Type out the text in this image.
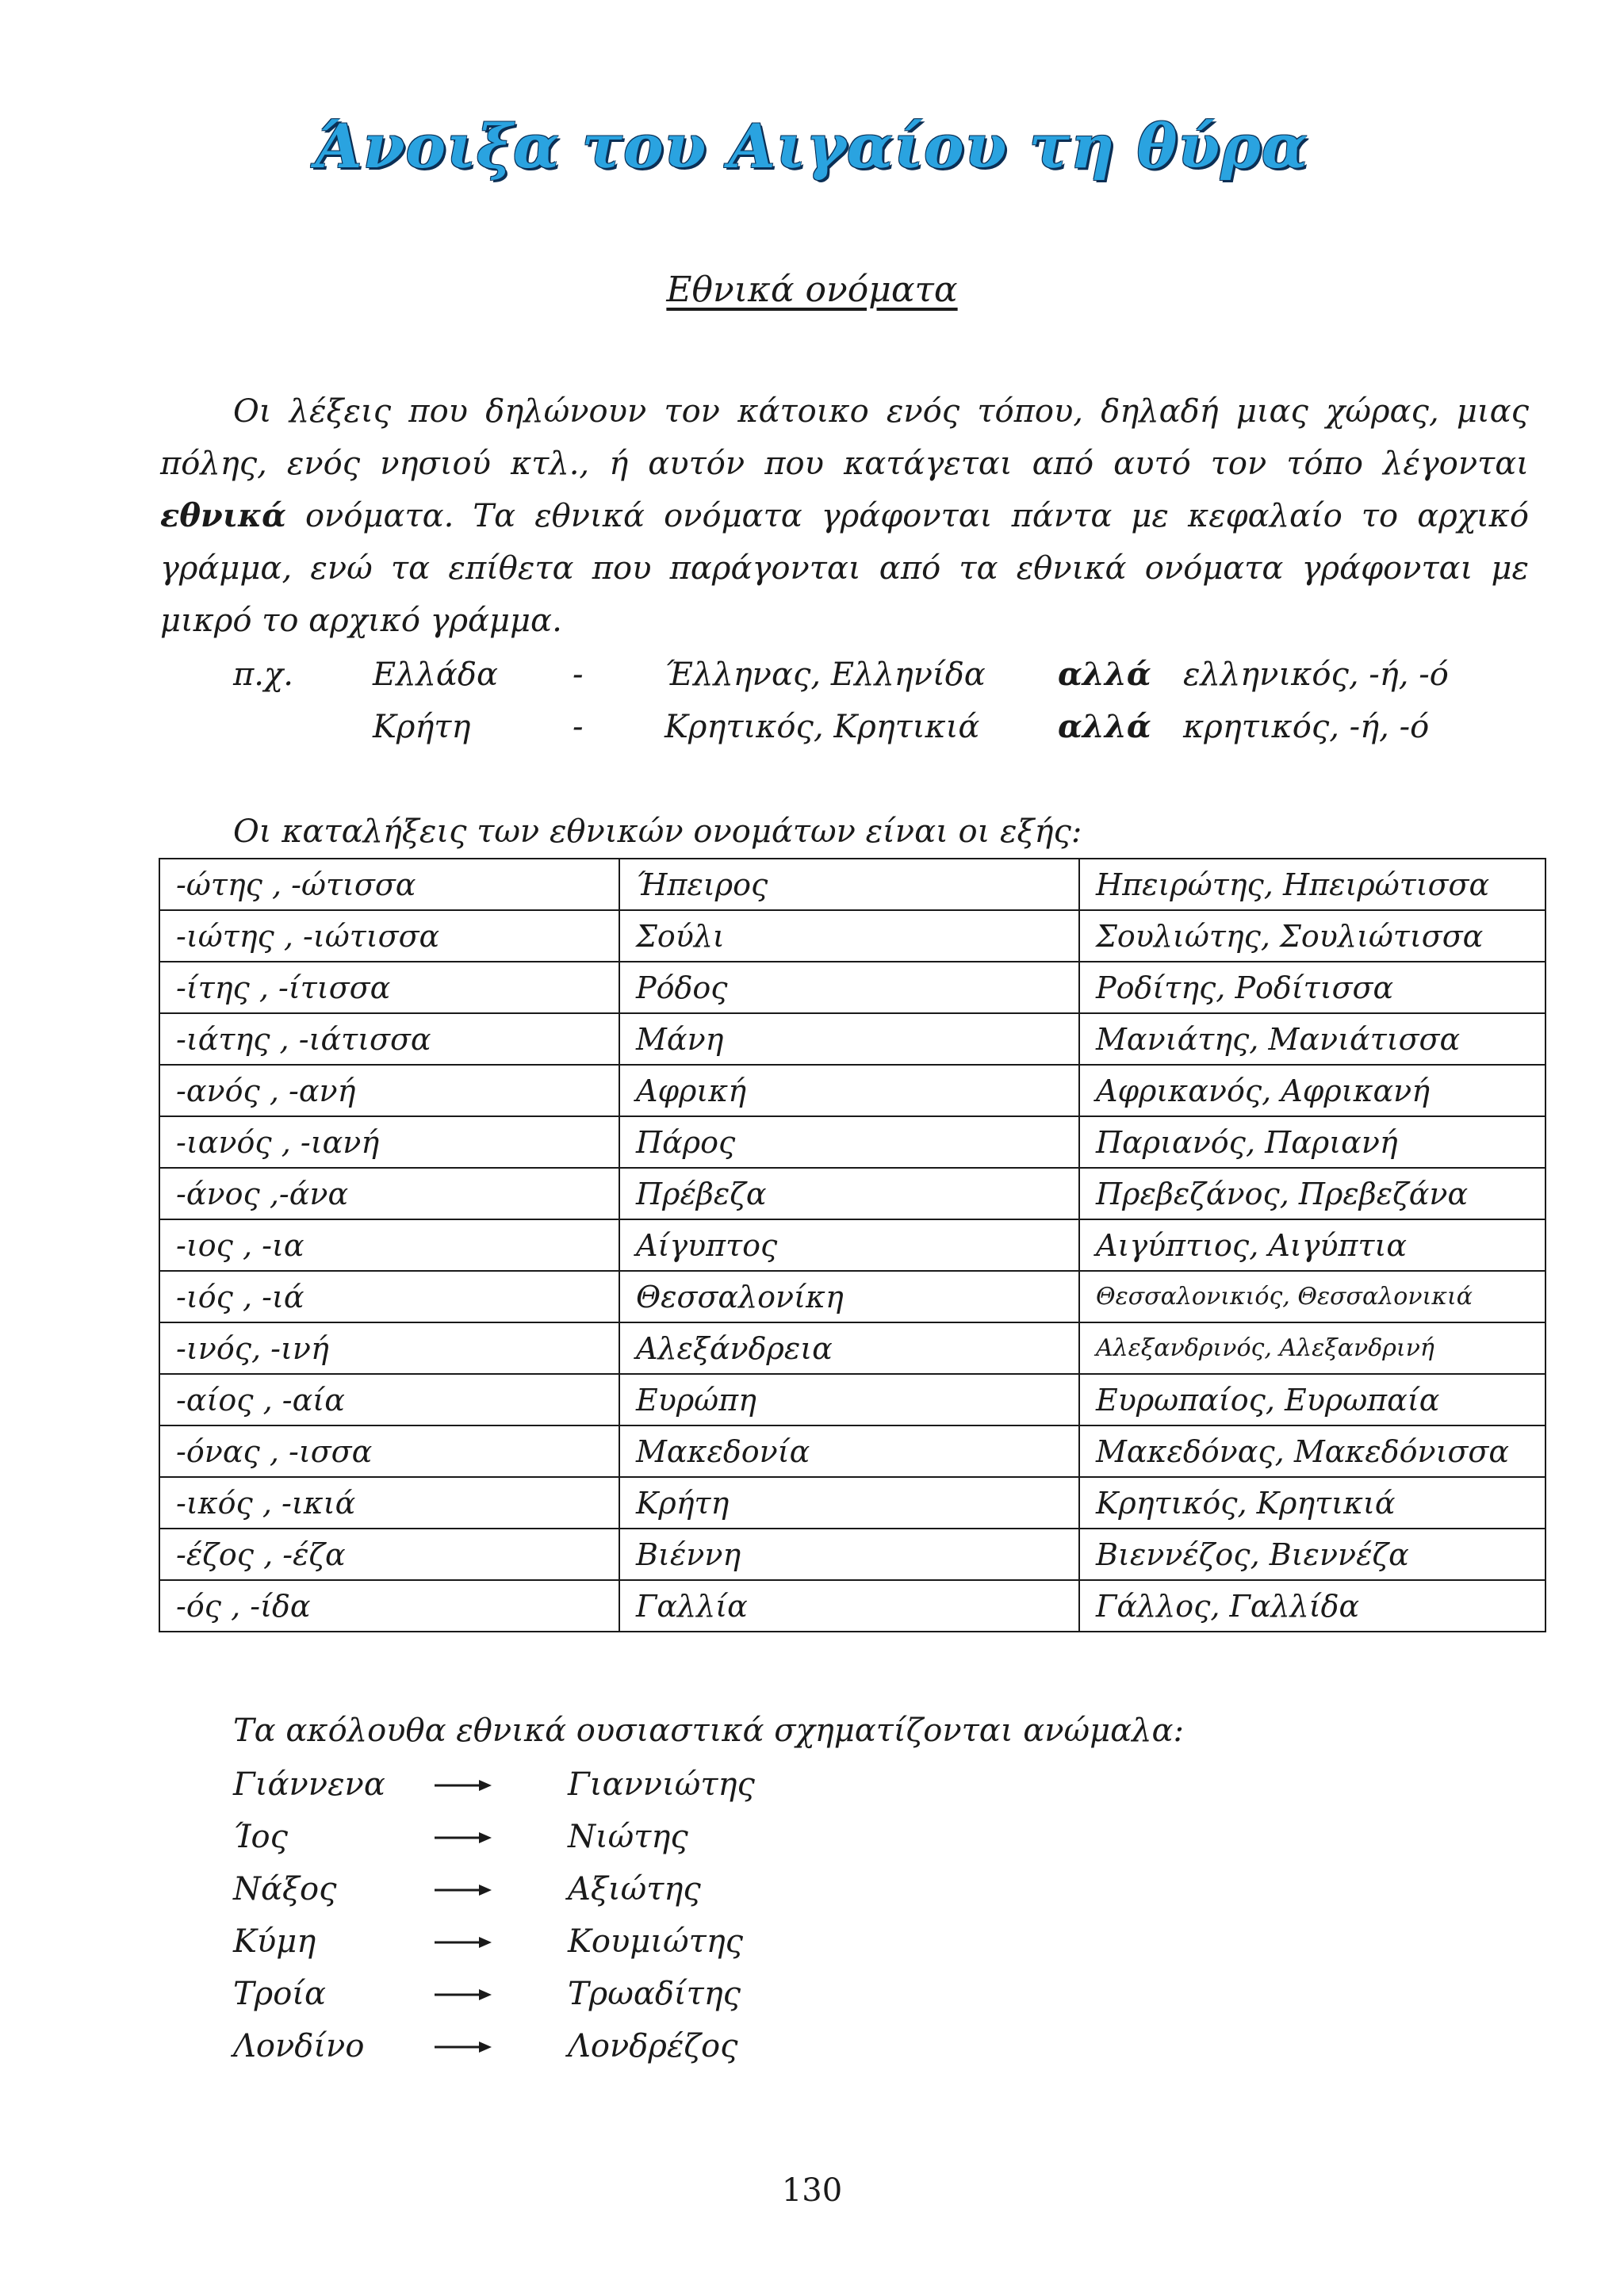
Άνοιξα του Αιγαίου τη θύρα
Εθνικά ονόματα

Οι λέξεις που δηλώνουν τον κάτοικο ενός τόπου, δηλαδή μιας χώρας, μιας πόλης, ενός νησιού κτλ., ή αυτόν που κατάγεται από αυτό τον τόπο λέγονται εθνικά ονόματα. Τα εθνικά ονόματα γράφονται πάντα με κεφαλαίο το αρχικό γράμμα, ενώ τα επίθετα που παράγονται από τα εθνικά ονόματα γράφονται με μικρό το αρχικό γράμμα.

π.χ.	Ελλάδα -	Έλληνας, Ελληνίδα αλλά ελληνικός, -ή, -ό
Κρήτη	-	Κρητικός, Κρητικιά αλλά κρητικός, -ή, -ό
Οι καταλήξεις των εθνικών ονομάτων είναι οι εξής:
-ώτης , -ώτισσα	Ήπειρος	Ηπειρώτης, Ηπειρώτισσα
-ιώτης , -ιώτισσα	Σούλι	Σουλιώτης, Σουλιώτισσα
-ίτης , -ίτισσα	Ρόδος	Ροδίτης, Ροδίτισσα
-ιάτης , -ιάτισσα	Μάνη	Μανιάτης, Μανιάτισσα
-ανός , -ανή	Αφρική	Αφρικανός, Αφρικανή
-ιανός , -ιανή	Πάρος	Παριανός, Παριανή
-άνος ,-άνα	Πρέβεζα	Πρεβεζάνος, Πρεβεζάνα
-ιος , -ια	Αίγυπτος	Αιγύπτιος, Αιγύπτια
-ιός , -ιά	Θεσσαλονίκη	Θεσσαλονικιός, Θεσσαλονικιά
-ινός, -ινή	Αλεξάνδρεια	Αλεξανδρινός, Αλεξανδρινή
-αίος , -αία	Ευρώπη	Ευρωπαίος, Ευρωπαία
-όνας , -ισσα	Μακεδονία	Μακεδόνας, Μακεδόνισσα
-ικός , -ικιά	Κρήτη	Κρητικός, Κρητικιά
-έζος , -έζα	Βιέννη	Βιεννέζος, Βιεννέζα
-ός , -ίδα	Γαλλία	Γάλλος, Γαλλίδα
Τα ακόλουθα εθνικά ουσιαστικά σχηματίζονται ανώμαλα:
Γιάννενα	Γιαννιώτης
Ίος	Νιώτης
Νάξος	Αξιώτης
Κύμη	Κουμιώτης
Τροία	Τρωαδίτης
Λονδίνο	Λονδρέζος
130
